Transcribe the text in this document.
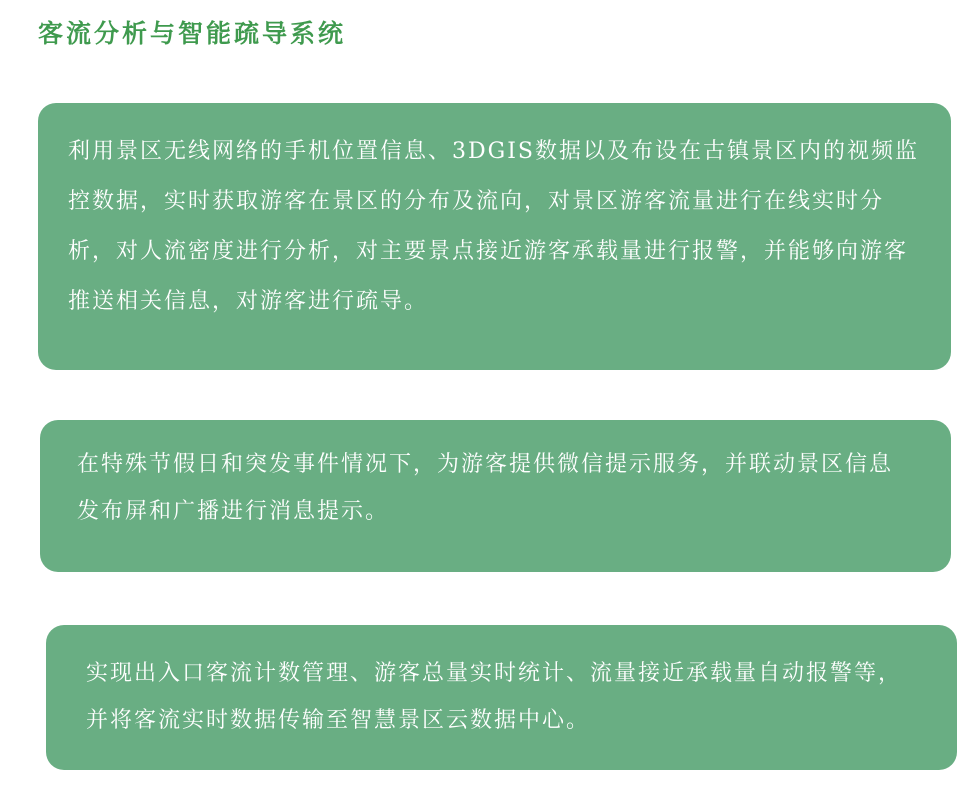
客流分析与智能疏导系统

利用景区无线网络的手机位置信息、3DGIS数据以及布设在古镇景区内的视频监控数据，实时获取游客在景区的分布及流向，对景区游客流量进行在线实时分析，对人流密度进行分析，对主要景点接近游客承载量进行报警，并能够向游客推送相关信息，对游客进行疏导。

在特殊节假日和突发事件情况下，为游客提供微信提示服务，并联动景区信息发布屏和广播进行消息提示。

实现出入口客流计数管理、游客总量实时统计、流量接近承载量自动报警等，并将客流实时数据传输至智慧景区云数据中心。
